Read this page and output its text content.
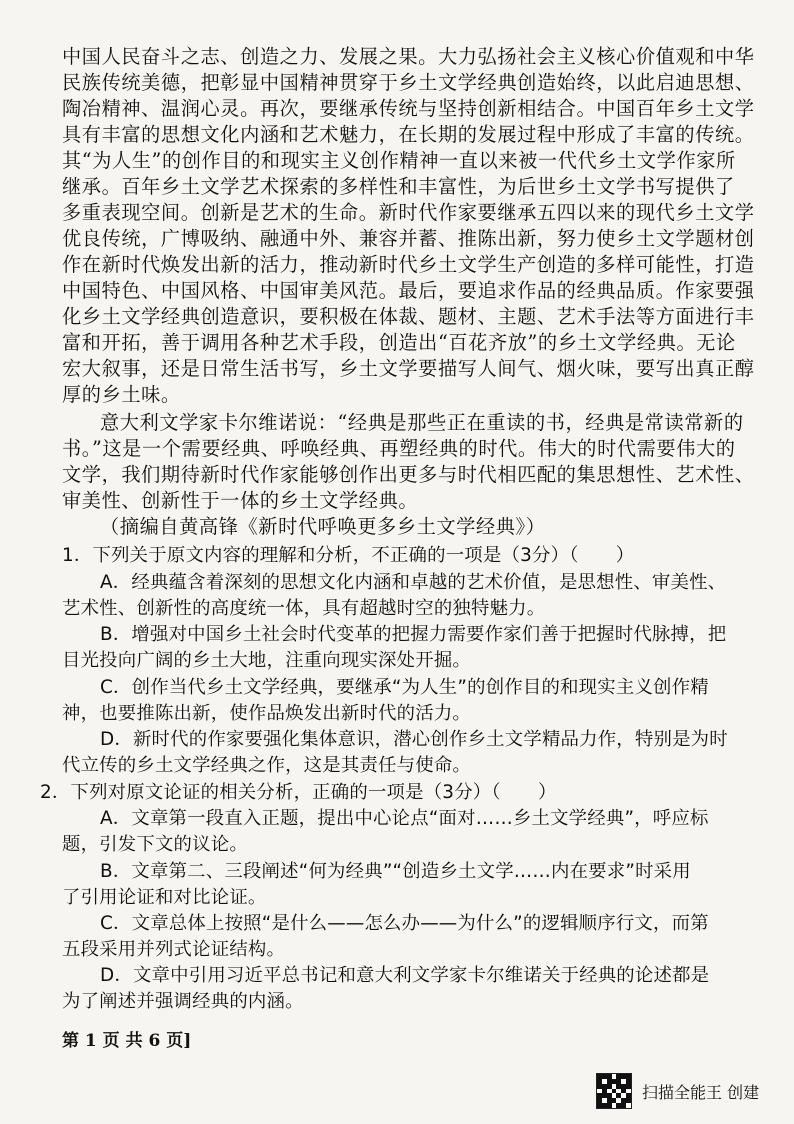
中国人民奋斗之志、创造之力、发展之果。大力弘扬社会主义核心价值观和中华
民族传统美德，把彰显中国精神贯穿于乡土文学经典创造始终，以此启迪思想、
陶冶精神、温润心灵。再次，要继承传统与坚持创新相结合。中国百年乡土文学
具有丰富的思想文化内涵和艺术魅力，在长期的发展过程中形成了丰富的传统。
其“为人生”的创作目的和现实主义创作精神一直以来被一代代乡土文学作家所
继承。百年乡土文学艺术探索的多样性和丰富性，为后世乡土文学书写提供了
多重表现空间。创新是艺术的生命。新时代作家要继承五四以来的现代乡土文学
优良传统，广博吸纳、融通中外、兼容并蓄、推陈出新，努力使乡土文学题材创
作在新时代焕发出新的活力，推动新时代乡土文学生产创造的多样可能性，打造
中国特色、中国风格、中国审美风范。最后，要追求作品的经典品质。作家要强
化乡土文学经典创造意识，要积极在体裁、题材、主题、艺术手法等方面进行丰
富和开拓，善于调用各种艺术手段，创造出“百花齐放”的乡土文学经典。无论
宏大叙事，还是日常生活书写，乡土文学要描写人间气、烟火味，要写出真正醇
厚的乡土味。
意大利文学家卡尔维诺说：“经典是那些正在重读的书，经典是常读常新的
书。”这是一个需要经典、呼唤经典、再塑经典的时代。伟大的时代需要伟大的
文学，我们期待新时代作家能够创作出更多与时代相匹配的集思想性、艺术性、
审美性、创新性于一体的乡土文学经典。
（摘编自黄高锋《新时代呼唤更多乡土文学经典》）
1．下列关于原文内容的理解和分析，不正确的一项是（3分）（　　）
A．经典蕴含着深刻的思想文化内涵和卓越的艺术价值，是思想性、审美性、
艺术性、创新性的高度统一体，具有超越时空的独特魅力。
B．增强对中国乡土社会时代变革的把握力需要作家们善于把握时代脉搏，把
目光投向广阔的乡土大地，注重向现实深处开掘。
C．创作当代乡土文学经典，要继承“为人生”的创作目的和现实主义创作精
神，也要推陈出新，使作品焕发出新时代的活力。
D．新时代的作家要强化集体意识，潜心创作乡土文学精品力作，特别是为时
代立传的乡土文学经典之作，这是其责任与使命。
2．下列对原文论证的相关分析，正确的一项是（3分）（　　）
A．文章第一段直入正题，提出中心论点“面对……乡土文学经典”，呼应标
题，引发下文的议论。
B．文章第二、三段阐述“何为经典”“创造乡土文学……内在要求”时采用
了引用论证和对比论证。
C．文章总体上按照“是什么——怎么办——为什么”的逻辑顺序行文，而第
五段采用并列式论证结构。
D．文章中引用习近平总书记和意大利文学家卡尔维诺关于经典的论述都是
为了阐述并强调经典的内涵。
第 1 页 共 6 页]
扫描全能王 创建
